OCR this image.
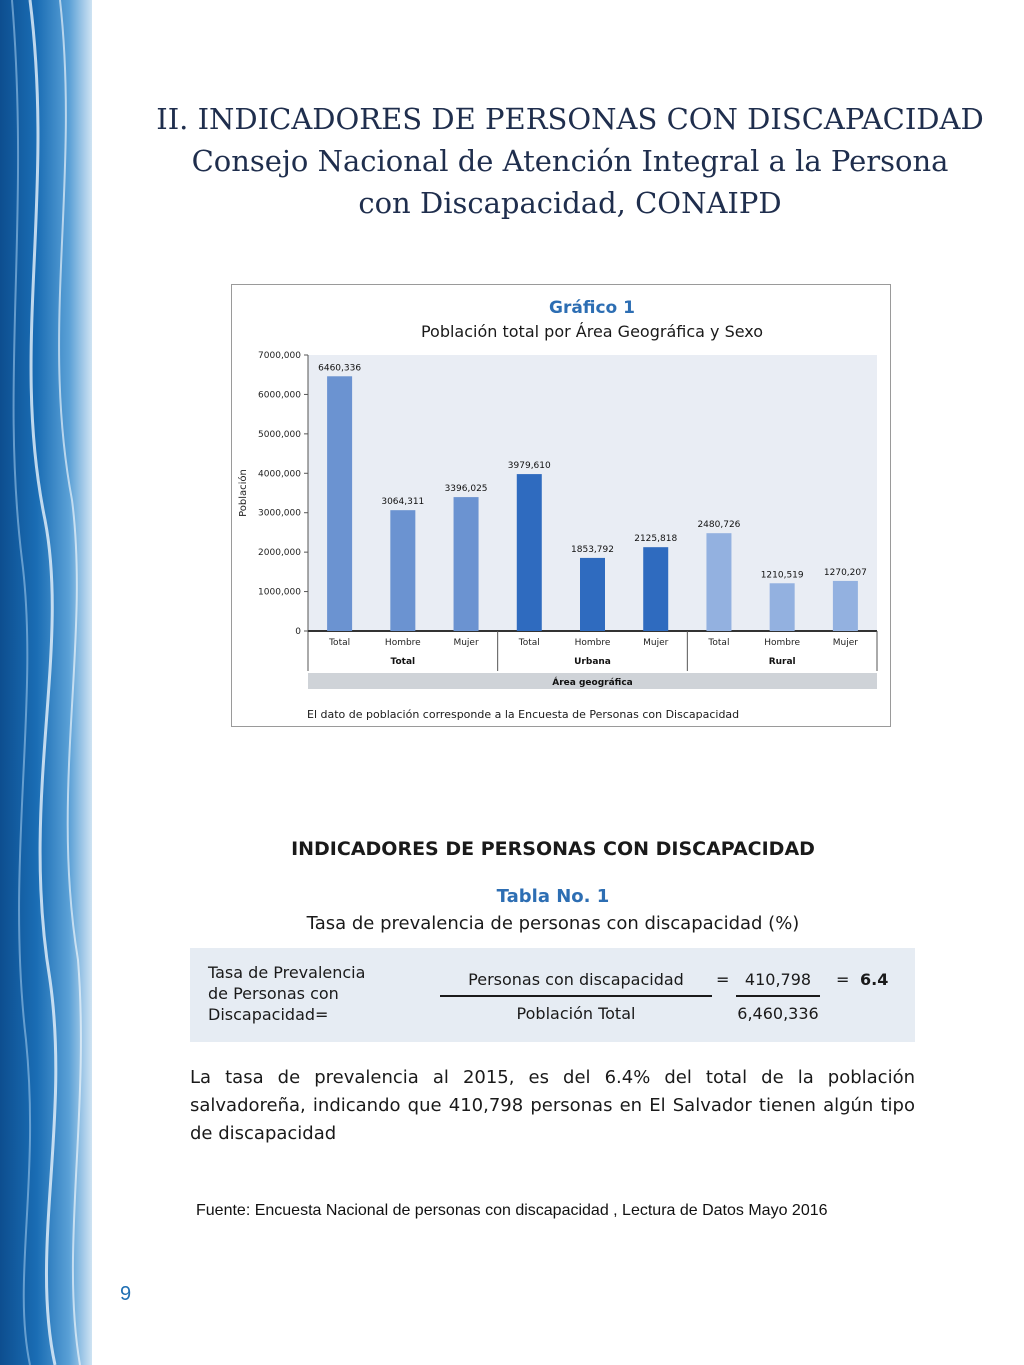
II. INDICADORES DE PERSONAS CON DISCAPACIDAD
Consejo Nacional de Atención Integral a la Persona
con Discapacidad, CONAIPD
Gráfico 1
Población total por Área Geográfica y Sexo
7000,000
6000,000
5000,000
4000,000
3000,000
2000,000
1000,000
0
Población
6460,336
Total
3064,311
Hombre
3396,025
Mujer
3979,610
Total
1853,792
Hombre
2125,818
Mujer
2480,726
Total
1210,519
Hombre
1270,207
Mujer
Total	Urbana	Rural
Área geográfica
El dato de población corresponde a la Encuesta de Personas con Discapacidad
INDICADORES DE PERSONAS CON DISCAPACIDAD
Tabla No. 1
Tasa de prevalencia de personas con discapacidad (%)
Tasa de Prevalencia
de Personas con
Discapacidad=
Personas con discapacidad
Población Total
= 410,798
6,460,336
= 6.4
La tasa de prevalencia al 2015, es del 6.4% del total de la población salvadoreña, indicando que 410,798 personas en El Salvador tienen algún tipo de discapacidad
Fuente: Encuesta Nacional de personas con discapacidad , Lectura de Datos Mayo 2016
9
